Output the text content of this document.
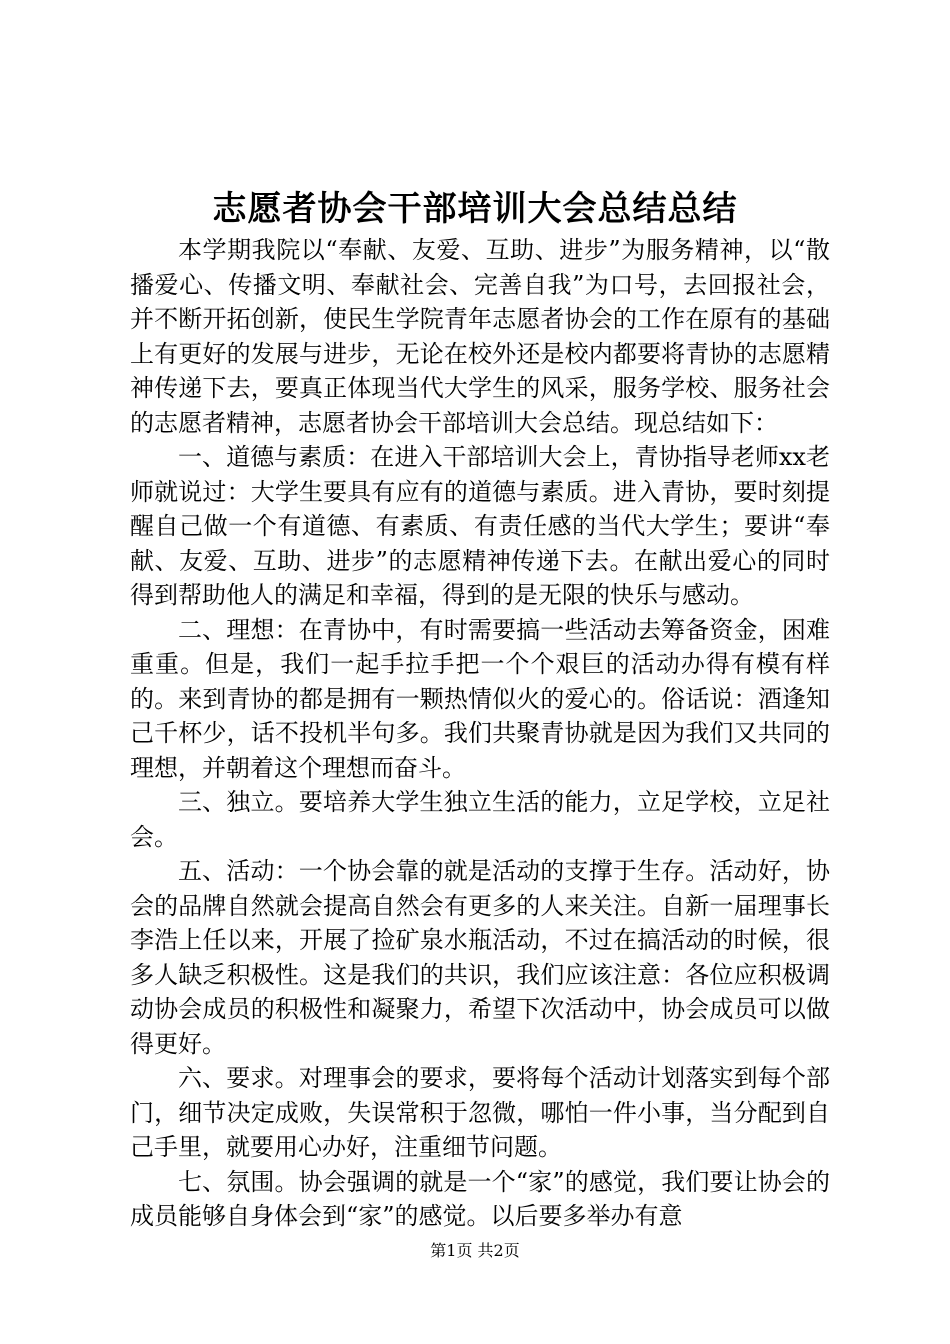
志愿者协会干部培训大会总结总结

本学期我院以“奉献、友爱、互助、进步”为服务精神，以“散播爱心、传播文明、奉献社会、完善自我”为口号，去回报社会，并不断开拓创新，使民生学院青年志愿者协会的工作在原有的基础上有更好的发展与进步，无论在校外还是校内都要将青协的志愿精神传递下去，要真正体现当代大学生的风采，服务学校、服务社会的志愿者精神，志愿者协会干部培训大会总结。现总结如下：

一、道德与素质：在进入干部培训大会上，青协指导老师xx老师就说过：大学生要具有应有的道德与素质。进入青协，要时刻提醒自己做一个有道德、有素质、有责任感的当代大学生；要讲“奉献、友爱、互助、进步”的志愿精神传递下去。在献出爱心的同时得到帮助他人的满足和幸福，得到的是无限的快乐与感动。

二、理想：在青协中，有时需要搞一些活动去筹备资金，困难重重。但是，我们一起手拉手把一个个艰巨的活动办得有模有样的。来到青协的都是拥有一颗热情似火的爱心的。俗话说：酒逢知己千杯少，话不投机半句多。我们共聚青协就是因为我们又共同的理想，并朝着这个理想而奋斗。

三、独立。要培养大学生独立生活的能力，立足学校，立足社会。

五、活动：一个协会靠的就是活动的支撑于生存。活动好，协会的品牌自然就会提高自然会有更多的人来关注。自新一届理事长李浩上任以来，开展了捡矿泉水瓶活动，不过在搞活动的时候，很多人缺乏积极性。这是我们的共识，我们应该注意：各位应积极调动协会成员的积极性和凝聚力，希望下次活动中，协会成员可以做得更好。

六、要求。对理事会的要求，要将每个活动计划落实到每个部门，细节决定成败，失误常积于忽微，哪怕一件小事，当分配到自己手里，就要用心办好，注重细节问题。

七、氛围。协会强调的就是一个“家”的感觉，我们要让协会的成员能够自身体会到“家”的感觉。以后要多举办有意

第1页 共2页
